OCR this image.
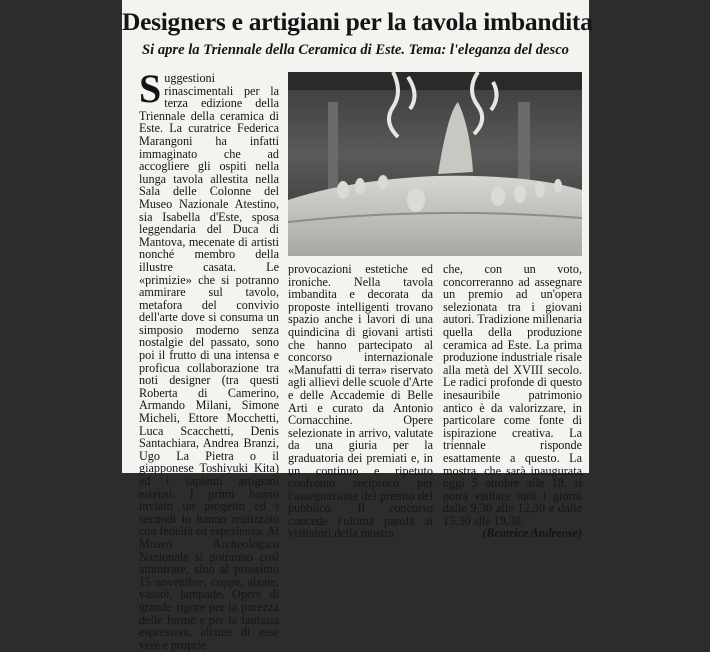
Designers e artigiani per la tavola imbandita
Si apre la Triennale della Ceramica di Este. Tema: l'eleganza del desco

Suggestioni rinascimentali per la terza edizione della Triennale della ceramica di Este. La curatrice Federica Marangoni ha infatti immaginato che ad accogliere gli ospiti nella lunga tavola allestita nella Sala delle Colonne del Museo Nazionale Atestino, sia Isabella d'Este, sposa leggendaria del Duca di Mantova, mecenate di artisti nonché membro della illustre casata. Le «primizie» che si potranno ammirare sul tavolo, metafora del convivio dell'arte dove si consuma un simposio moderno senza nostalgie del passato, sono poi il frutto di una intensa e proficua collaborazione tra noti designer (tra questi Roberta di Camerino, Armando Milani, Simone Micheli, Ettore Mocchetti, Luca Scacchetti, Denis Santachiara, Andrea Branzi, Ugo La Pietra o il giapponese Toshiyuki Kita) ed i sapienti artigiani estensi. I primi hanno inviato un progetto ed i secondi lo hanno realizzato con fedeltà ed esperienza. Al Museo Archeologico Nazionale si potranno così ammirare, sino al prossimo 15 novembre, coppe, alzate, vassoi, lampade. Opere di grande rigore per la purezza delle forme e per la fantasia espressiva, alcune di esse vere e proprie

provocazioni estetiche ed ironiche. Nella tavola imbandita e decorata da proposte intelligenti trovano spazio anche i lavori di una quindicina di giovani artisti che hanno partecipato al concorso internazionale «Manufatti di terra» riservato agli allievi delle scuole d'Arte e delle Accademie di Belle Arti e curato da Antonio Cornacchine. Opere selezionate in arrivo, valutate da una giuria per la graduatoria dei premiati e, in un continuo e ripetuto confronto reciproco per l'assegnazione del premio del pubblico. Il concorso concede l'ultima parola ai visitatori della mostra

che, con un voto, concorreranno ad assegnare un premio ad un'opera selezionata tra i giovani autori. Tradizione millenaria quella della produzione ceramica ad Este. La prima produzione industriale risale alla metà del XVIII secolo. Le radici profonde di questo inesauribile patrimonio antico è da valorizzare, in particolare come fonte di ispirazione creativa. La triennale risponde esattamente a questo. La mostra, che sarà inaugurata oggi 5 ottobre alle 18, si potrà visitare tutti i giorni dalle 9,30 alle 12,30 e dalle 15,30 alle 19,30.

(Beatrice Andreose)
